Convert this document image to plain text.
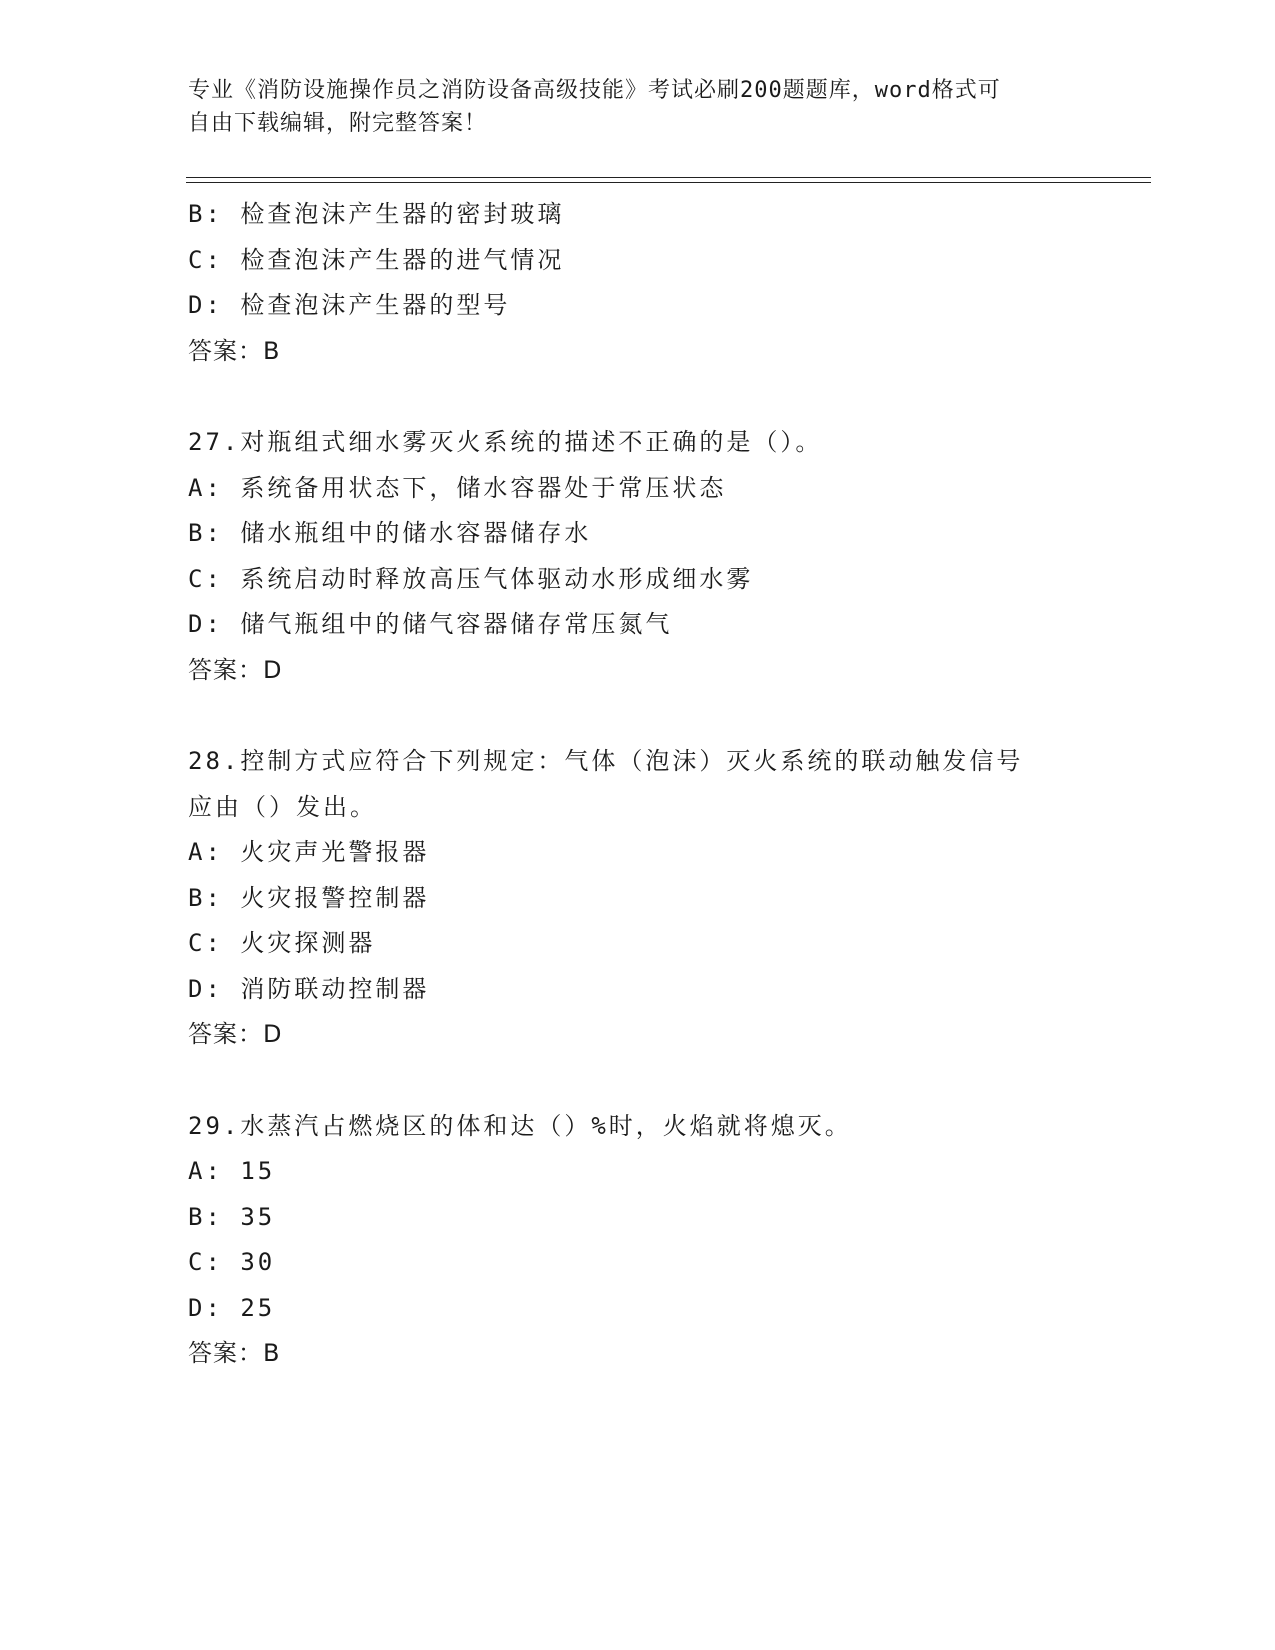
专业《消防设施操作员之消防设备高级技能》考试必刷200题题库，word格式可
自由下载编辑，附完整答案！
B: 检查泡沫产生器的密封玻璃
C: 检查泡沫产生器的进气情况
D: 检查泡沫产生器的型号
答案：B
27.对瓶组式细水雾灭火系统的描述不正确的是（）。
A: 系统备用状态下，储水容器处于常压状态
B: 储水瓶组中的储水容器储存水
C: 系统启动时释放高压气体驱动水形成细水雾
D: 储气瓶组中的储气容器储存常压氮气
答案：D
28.控制方式应符合下列规定：气体（泡沫）灭火系统的联动触发信号
应由（）发出。
A: 火灾声光警报器
B: 火灾报警控制器
C: 火灾探测器
D: 消防联动控制器
答案：D
29.水蒸汽占燃烧区的体和达（）%时，火焰就将熄灭。
A: 15
B: 35
C: 30
D: 25
答案：B
